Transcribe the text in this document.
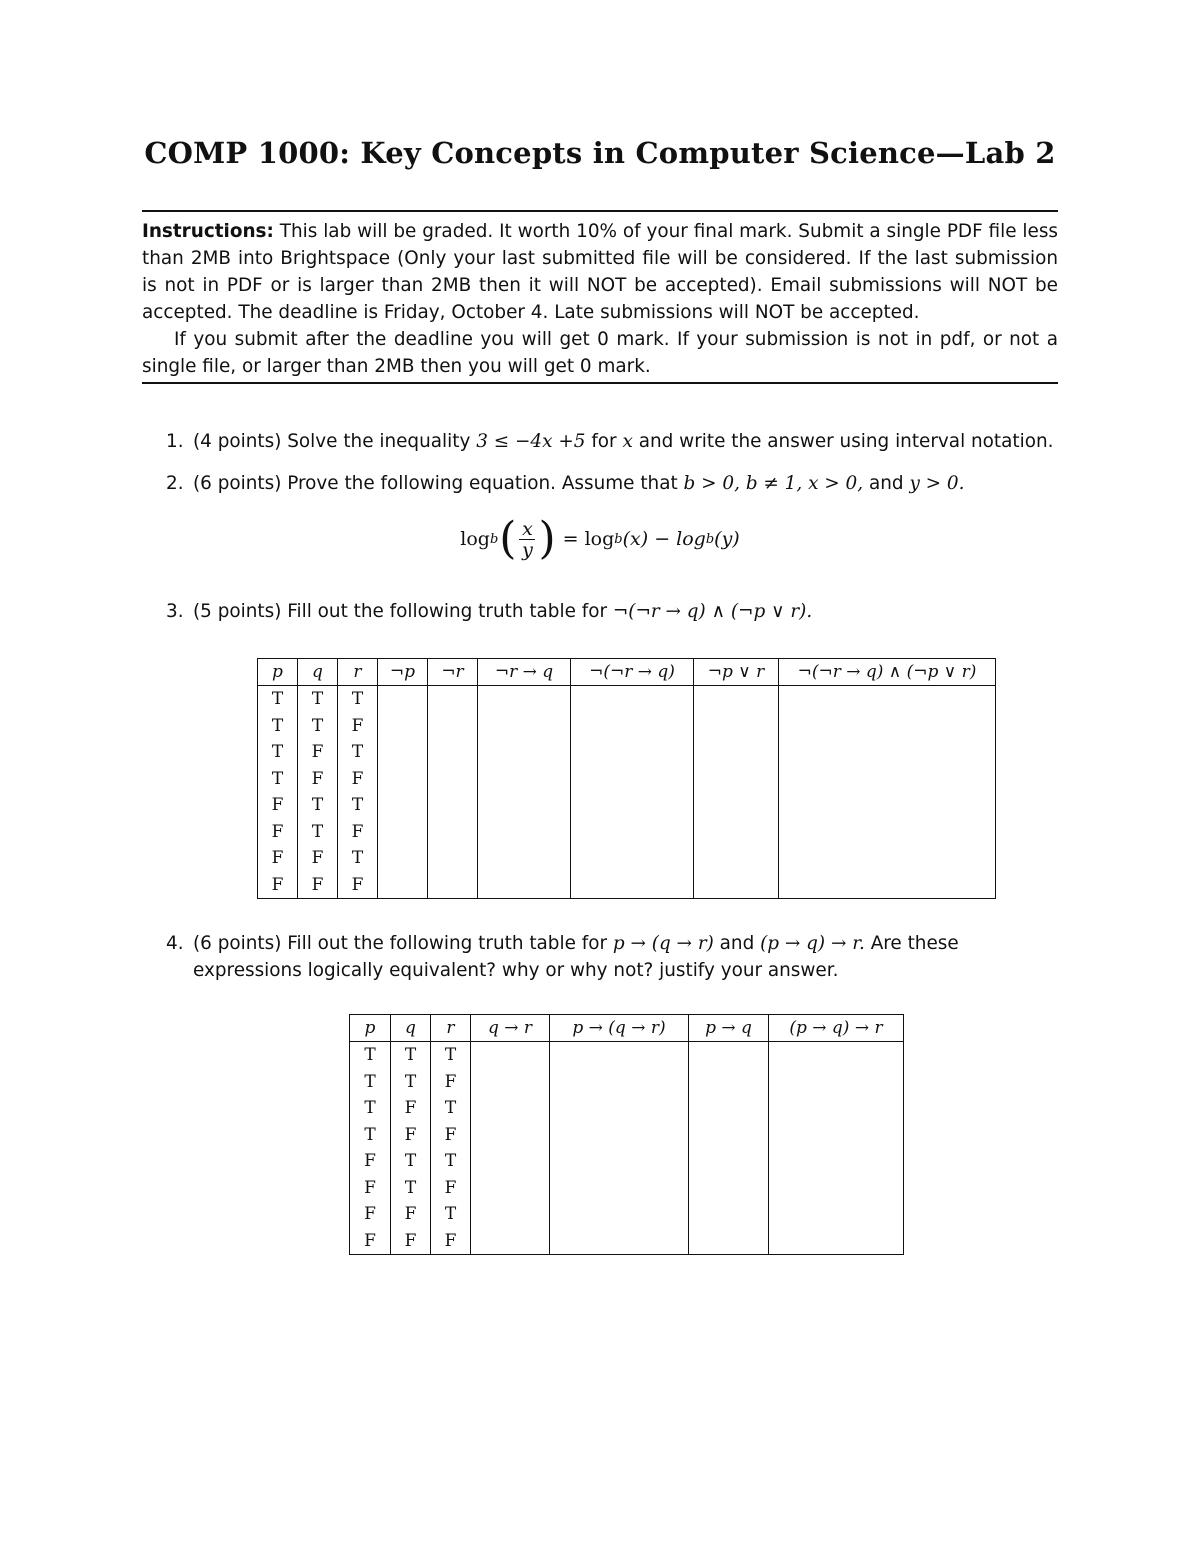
COMP 1000: Key Concepts in Computer Science—Lab 2

Instructions: This lab will be graded. It worth 10% of your final mark. Submit a single PDF file less than 2MB into Brightspace (Only your last submitted file will be considered. If the last submission is not in PDF or is larger than 2MB then it will NOT be accepted). Email submissions will NOT be accepted. The deadline is Friday, October 4. Late submissions will NOT be accepted.

If you submit after the deadline you will get 0 mark. If your submission is not in pdf, or not a single file, or larger than 2MB then you will get 0 mark.

1. (4 points) Solve the inequality 3 ≤ −4x +5 for x and write the answer using interval notation.
2. (6 points) Prove the following equation. Assume that b > 0, b ≠ 1, x > 0, and y > 0.
log b ( $\frac{x}{y}$ ) = log b (x) − log b (y)
3. (5 points) Fill out the following truth table for ¬(¬r → q) ∧ (¬p ∨ r).
p	q	r	¬p	¬r	¬r → q	¬(¬r → q)	¬p ∨ r	¬(¬r → q) ∧ (¬p ∨ r)
T	T	T						
T	T	F						
T	F	T						
T	F	F						
F	T	T						
F	T	F						
F	F	T						
F	F	F						
4. (6 points) Fill out the following truth table for p → (q → r) and (p → q) → r. Are these expressions logically equivalent? why or why not? justify your answer.
p	q	r	q → r	p → (q → r)	p → q	(p → q) → r
T	T	T				
T	T	F				
T	F	T				
T	F	F				
F	T	T				
F	T	F				
F	F	T				
F	F	F				
